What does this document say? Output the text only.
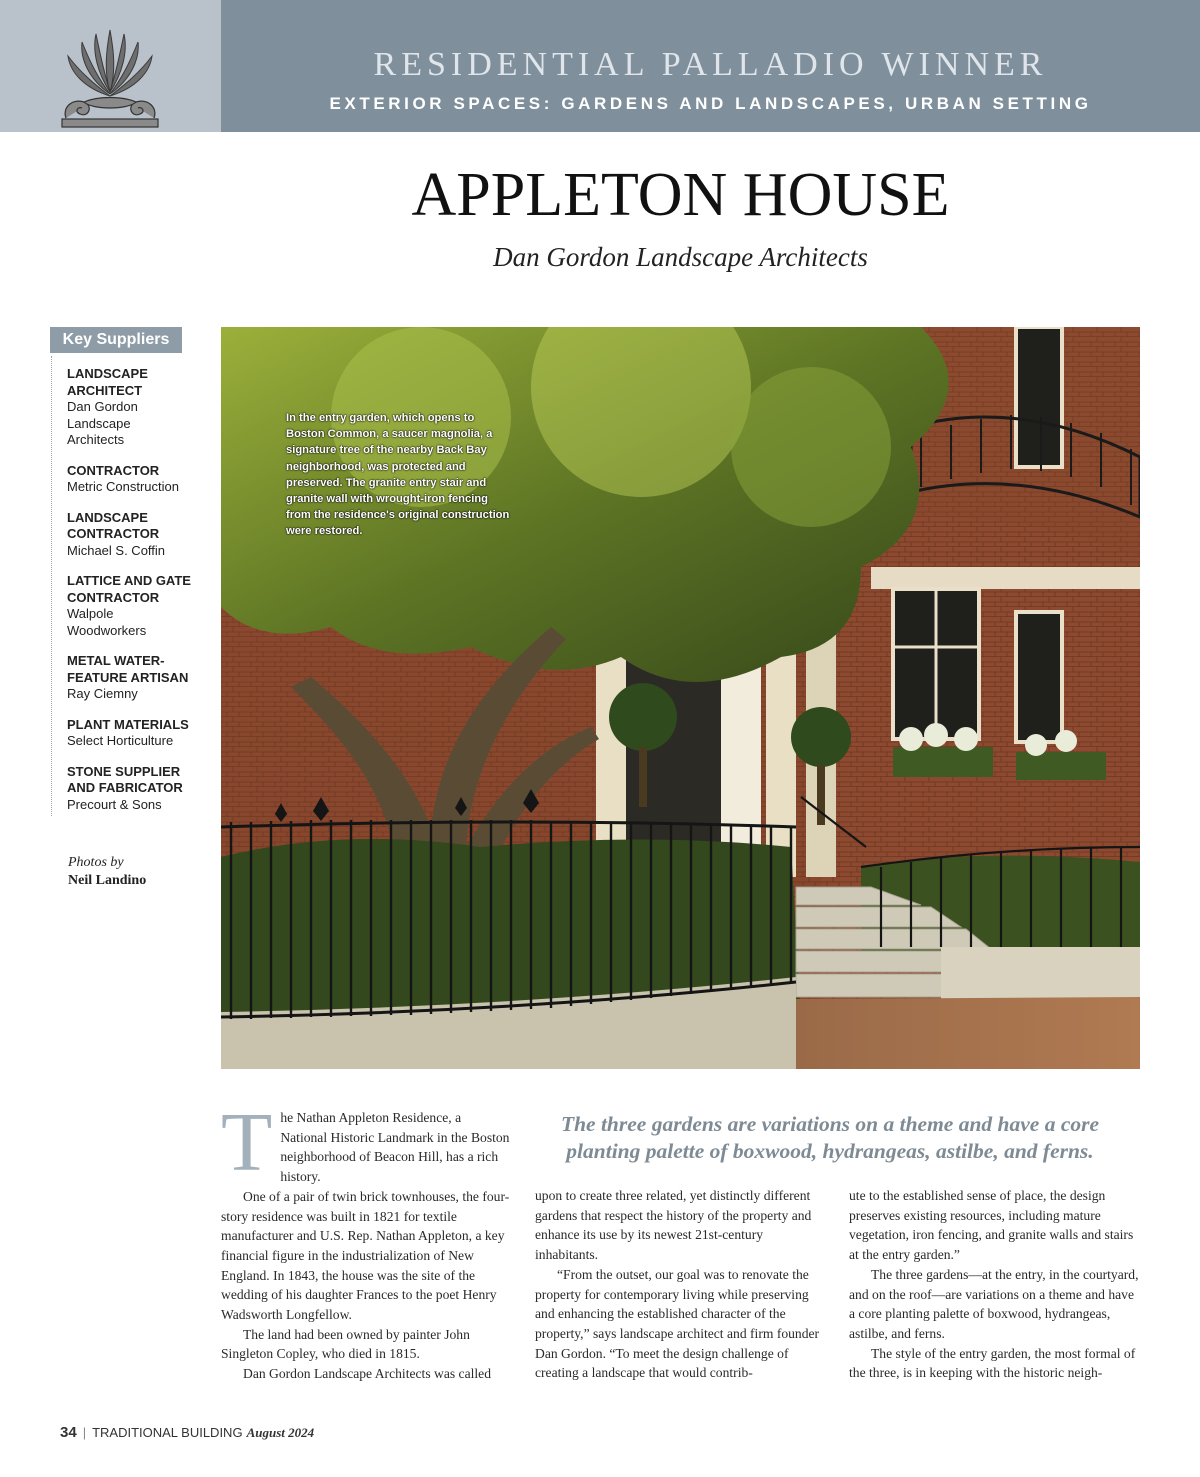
RESIDENTIAL PALLADIO WINNER
EXTERIOR SPACES: GARDENS AND LANDSCAPES, URBAN SETTING
APPLETON HOUSE
Dan Gordon Landscape Architects
Key Suppliers
LANDSCAPE ARCHITECT
Dan Gordon Landscape Architects
CONTRACTOR
Metric Construction
LANDSCAPE CONTRACTOR
Michael S. Coffin
LATTICE AND GATE CONTRACTOR
Walpole Woodworkers
METAL WATER-FEATURE ARTISAN
Ray Ciemny
PLANT MATERIALS
Select Horticulture
STONE SUPPLIER AND FABRICATOR
Precourt & Sons
Photos by
Neil Landino
In the entry garden, which opens to Boston Common, a saucer magnolia, a signature tree of the nearby Back Bay neighborhood, was protected and preserved. The granite entry stair and granite wall with wrought-iron fencing from the residence's original construction were restored.
The three gardens are variations on a theme and have a core planting palette of boxwood, hydrangeas, astilbe, and ferns.
T he Nathan Appleton Residence, a National Historic Landmark in the Boston neighborhood of Beacon Hill, has a rich history.

One of a pair of twin brick townhouses, the four-story residence was built in 1821 for textile manufacturer and U.S. Rep. Nathan Appleton, a key financial figure in the industrialization of New England. In 1843, the house was the site of the wedding of his daughter Frances to the poet Henry Wadsworth Longfellow.

The land had been owned by painter John Singleton Copley, who died in 1815.

Dan Gordon Landscape Architects was called

upon to create three related, yet distinctly different gardens that respect the history of the property and enhance its use by its newest 21st-century inhabitants.

“From the outset, our goal was to renovate the property for contemporary living while preserving and enhancing the established character of the property,” says landscape architect and firm founder Dan Gordon. “To meet the design challenge of creating a landscape that would contrib-

ute to the established sense of place, the design preserves existing resources, including mature vegetation, iron fencing, and granite walls and stairs at the entry garden.”

The three gardens—at the entry, in the courtyard, and on the roof—are variations on a theme and have a core planting palette of boxwood, hydrangeas, astilbe, and ferns.

The style of the entry garden, the most formal of the three, is in keeping with the historic neigh-

34 | TRADITIONAL BUILDING August 2024
